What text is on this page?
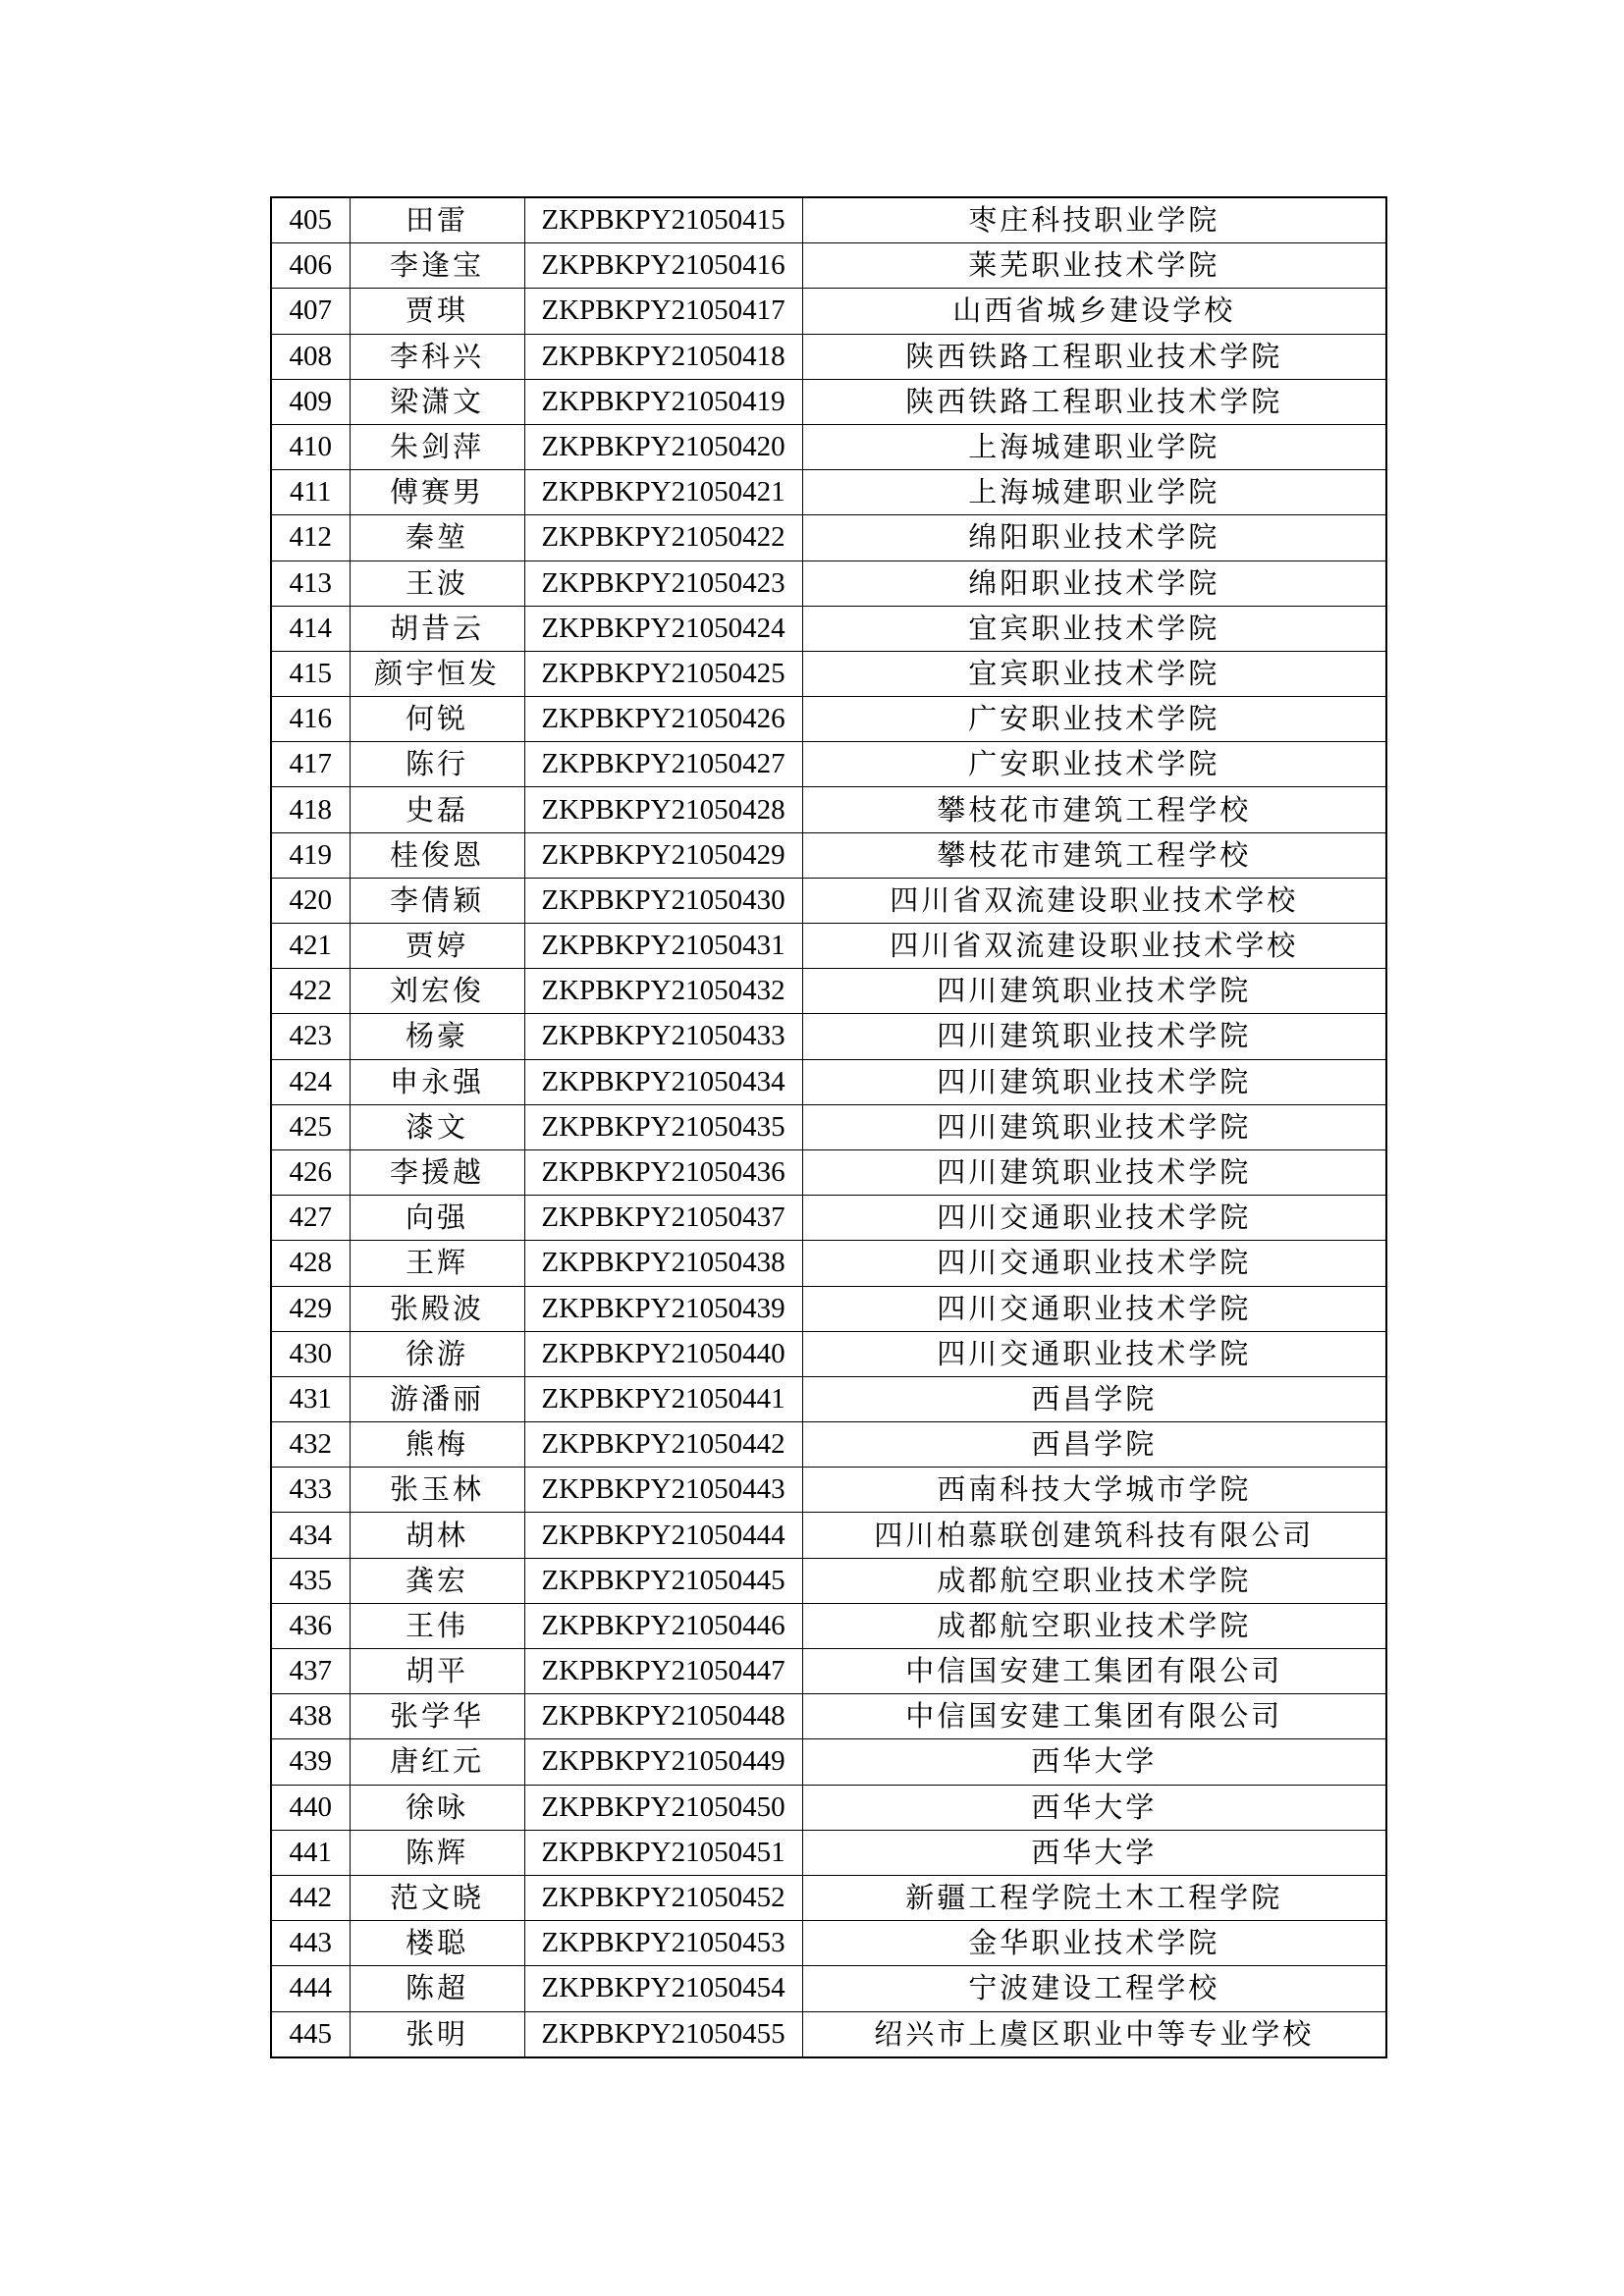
405	田雷	ZKPBKPY21050415	枣庄科技职业学院
406	李逢宝	ZKPBKPY21050416	莱芜职业技术学院
407	贾琪	ZKPBKPY21050417	山西省城乡建设学校
408	李科兴	ZKPBKPY21050418	陕西铁路工程职业技术学院
409	梁潇文	ZKPBKPY21050419	陕西铁路工程职业技术学院
410	朱剑萍	ZKPBKPY21050420	上海城建职业学院
411	傅赛男	ZKPBKPY21050421	上海城建职业学院
412	秦堃	ZKPBKPY21050422	绵阳职业技术学院
413	王波	ZKPBKPY21050423	绵阳职业技术学院
414	胡昔云	ZKPBKPY21050424	宜宾职业技术学院
415	颜宇恒发	ZKPBKPY21050425	宜宾职业技术学院
416	何锐	ZKPBKPY21050426	广安职业技术学院
417	陈行	ZKPBKPY21050427	广安职业技术学院
418	史磊	ZKPBKPY21050428	攀枝花市建筑工程学校
419	桂俊恩	ZKPBKPY21050429	攀枝花市建筑工程学校
420	李倩颖	ZKPBKPY21050430	四川省双流建设职业技术学校
421	贾婷	ZKPBKPY21050431	四川省双流建设职业技术学校
422	刘宏俊	ZKPBKPY21050432	四川建筑职业技术学院
423	杨豪	ZKPBKPY21050433	四川建筑职业技术学院
424	申永强	ZKPBKPY21050434	四川建筑职业技术学院
425	漆文	ZKPBKPY21050435	四川建筑职业技术学院
426	李援越	ZKPBKPY21050436	四川建筑职业技术学院
427	向强	ZKPBKPY21050437	四川交通职业技术学院
428	王辉	ZKPBKPY21050438	四川交通职业技术学院
429	张殿波	ZKPBKPY21050439	四川交通职业技术学院
430	徐游	ZKPBKPY21050440	四川交通职业技术学院
431	游潘丽	ZKPBKPY21050441	西昌学院
432	熊梅	ZKPBKPY21050442	西昌学院
433	张玉林	ZKPBKPY21050443	西南科技大学城市学院
434	胡林	ZKPBKPY21050444	四川柏慕联创建筑科技有限公司
435	龚宏	ZKPBKPY21050445	成都航空职业技术学院
436	王伟	ZKPBKPY21050446	成都航空职业技术学院
437	胡平	ZKPBKPY21050447	中信国安建工集团有限公司
438	张学华	ZKPBKPY21050448	中信国安建工集团有限公司
439	唐红元	ZKPBKPY21050449	西华大学
440	徐咏	ZKPBKPY21050450	西华大学
441	陈辉	ZKPBKPY21050451	西华大学
442	范文晓	ZKPBKPY21050452	新疆工程学院土木工程学院
443	楼聪	ZKPBKPY21050453	金华职业技术学院
444	陈超	ZKPBKPY21050454	宁波建设工程学校
445	张明	ZKPBKPY21050455	绍兴市上虞区职业中等专业学校
